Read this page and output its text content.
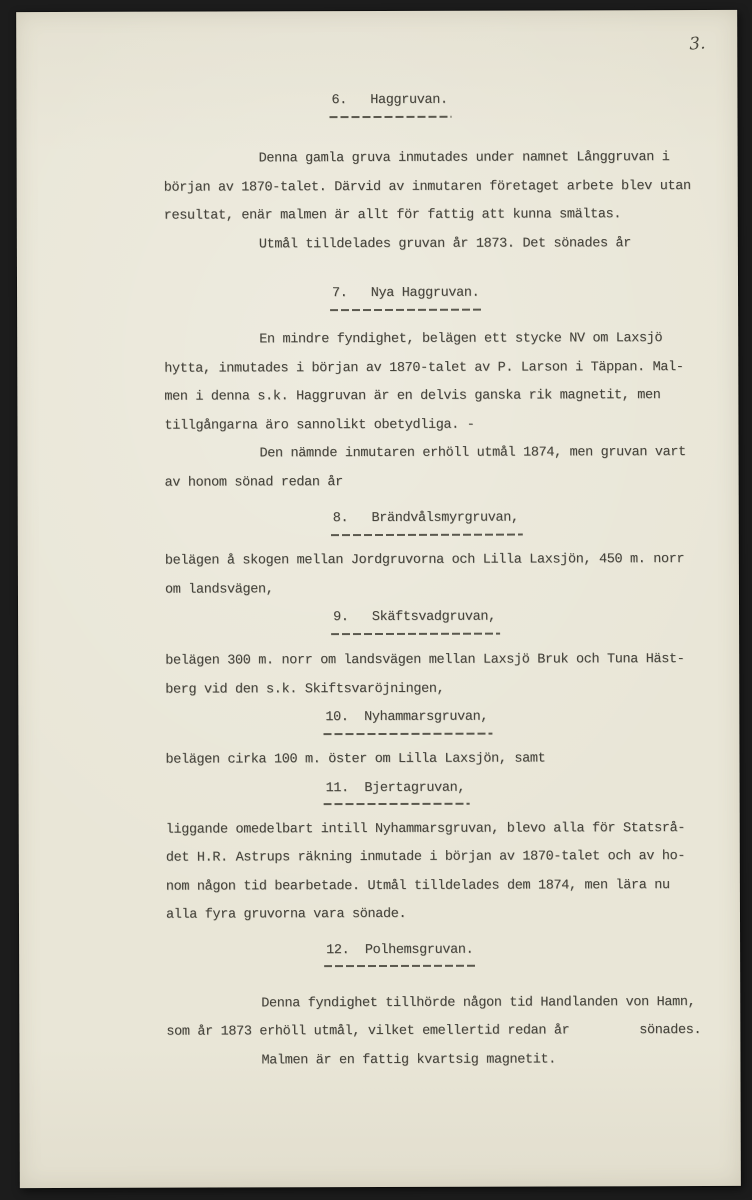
3.
6.   Haggruvan.
Denna gamla gruva inmutades under namnet Långgruvan i
början av 1870-talet. Därvid av inmutaren företaget arbete blev utan
resultat, enär malmen är allt för fattig att kunna smältas.
Utmål tilldelades gruvan år 1873. Det sönades år
7.   Nya Haggruvan.
En mindre fyndighet, belägen ett stycke NV om Laxsjö
hytta, inmutades i början av 1870-talet av P. Larson i Täppan. Mal-
men i denna s.k. Haggruvan är en delvis ganska rik magnetit, men
tillgångarna äro sannolikt obetydliga. -
Den nämnde inmutaren erhöll utmål 1874, men gruvan vart
av honom sönad redan år
8.   Brändvålsmyrgruvan,
belägen å skogen mellan Jordgruvorna och Lilla Laxsjön, 450 m. norr
om landsvägen,
9.   Skäftsvadgruvan,
belägen 300 m. norr om landsvägen mellan Laxsjö Bruk och Tuna Häst-
berg vid den s.k. Skiftsvaröjningen,
10.  Nyhammarsgruvan,
belägen cirka 100 m. öster om Lilla Laxsjön, samt
11.  Bjertagruvan,
liggande omedelbart intill Nyhammarsgruvan, blevo alla för Statsrå-
det H.R. Astrups räkning inmutade i början av 1870-talet och av ho-
nom någon tid bearbetade. Utmål tilldelades dem 1874, men lära nu
alla fyra gruvorna vara sönade.
12.  Polhemsgruvan.
Denna fyndighet tillhörde någon tid Handlanden von Hamn,
som år 1873 erhöll utmål, vilket emellertid redan år         sönades.
Malmen är en fattig kvartsig magnetit.
